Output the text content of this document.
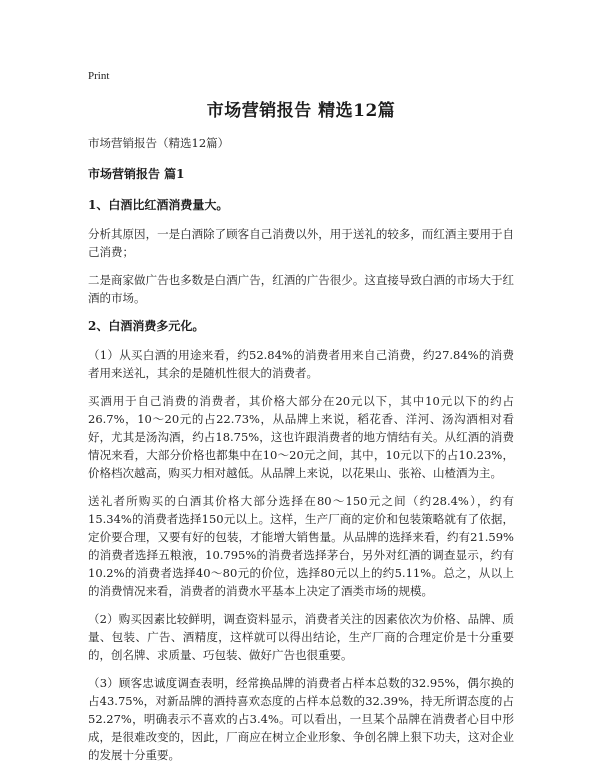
Print
市场营销报告 精选12篇
市场营销报告（精选12篇）
市场营销报告 篇1
1、白酒比红酒消费量大。

分析其原因，一是白酒除了顾客自己消费以外，用于送礼的较多，而红酒主要用于自己消费；

二是商家做广告也多数是白酒广告，红酒的广告很少。这直接导致白酒的市场大于红酒的市场。

2、白酒消费多元化。

（1）从买白酒的用途来看，约52.84%的消费者用来自己消费，约27.84%的消费者用来送礼，其余的是随机性很大的消费者。

买酒用于自己消费的消费者，其价格大部分在20元以下，其中10元以下的约占26.7%，10～20元的占22.73%，从品牌上来说，稻花香、洋河、汤沟酒相对看好，尤其是汤沟酒，约占18.75%，这也许跟消费者的地方情结有关。从红酒的消费情况来看，大部分价格也都集中在10～20元之间，其中，10元以下的占10.23%，价格档次越高，购买力相对越低。从品牌上来说，以花果山、张裕、山楂酒为主。

送礼者所购买的白酒其价格大部分选择在80～150元之间（约28.4%），约有15.34%的消费者选择150元以上。这样，生产厂商的定价和包装策略就有了依据，定价要合理，又要有好的包装，才能增大销售量。从品牌的选择来看，约有21.59%的消费者选择五粮液，10.795%的消费者选择茅台，另外对红酒的调查显示，约有10.2%的消费者选择40～80元的价位，选择80元以上的约5.11%。总之，从以上的消费情况来看，消费者的消费水平基本上决定了酒类市场的规模。

（2）购买因素比较鲜明，调查资料显示，消费者关注的因素依次为价格、品牌、质量、包装、广告、酒精度，这样就可以得出结论，生产厂商的合理定价是十分重要的，创名牌、求质量、巧包装、做好广告也很重要。

（3）顾客忠诚度调查表明，经常换品牌的消费者占样本总数的32.95%，偶尔换的占43.75%，对新品牌的酒持喜欢态度的占样本总数的32.39%，持无所谓态度的占52.27%，明确表示不喜欢的占3.4%。可以看出，一旦某个品牌在消费者心目中形成，是很难改变的，因此，厂商应在树立企业形象、争创名牌上狠下功夫，这对企业的发展十分重要。
